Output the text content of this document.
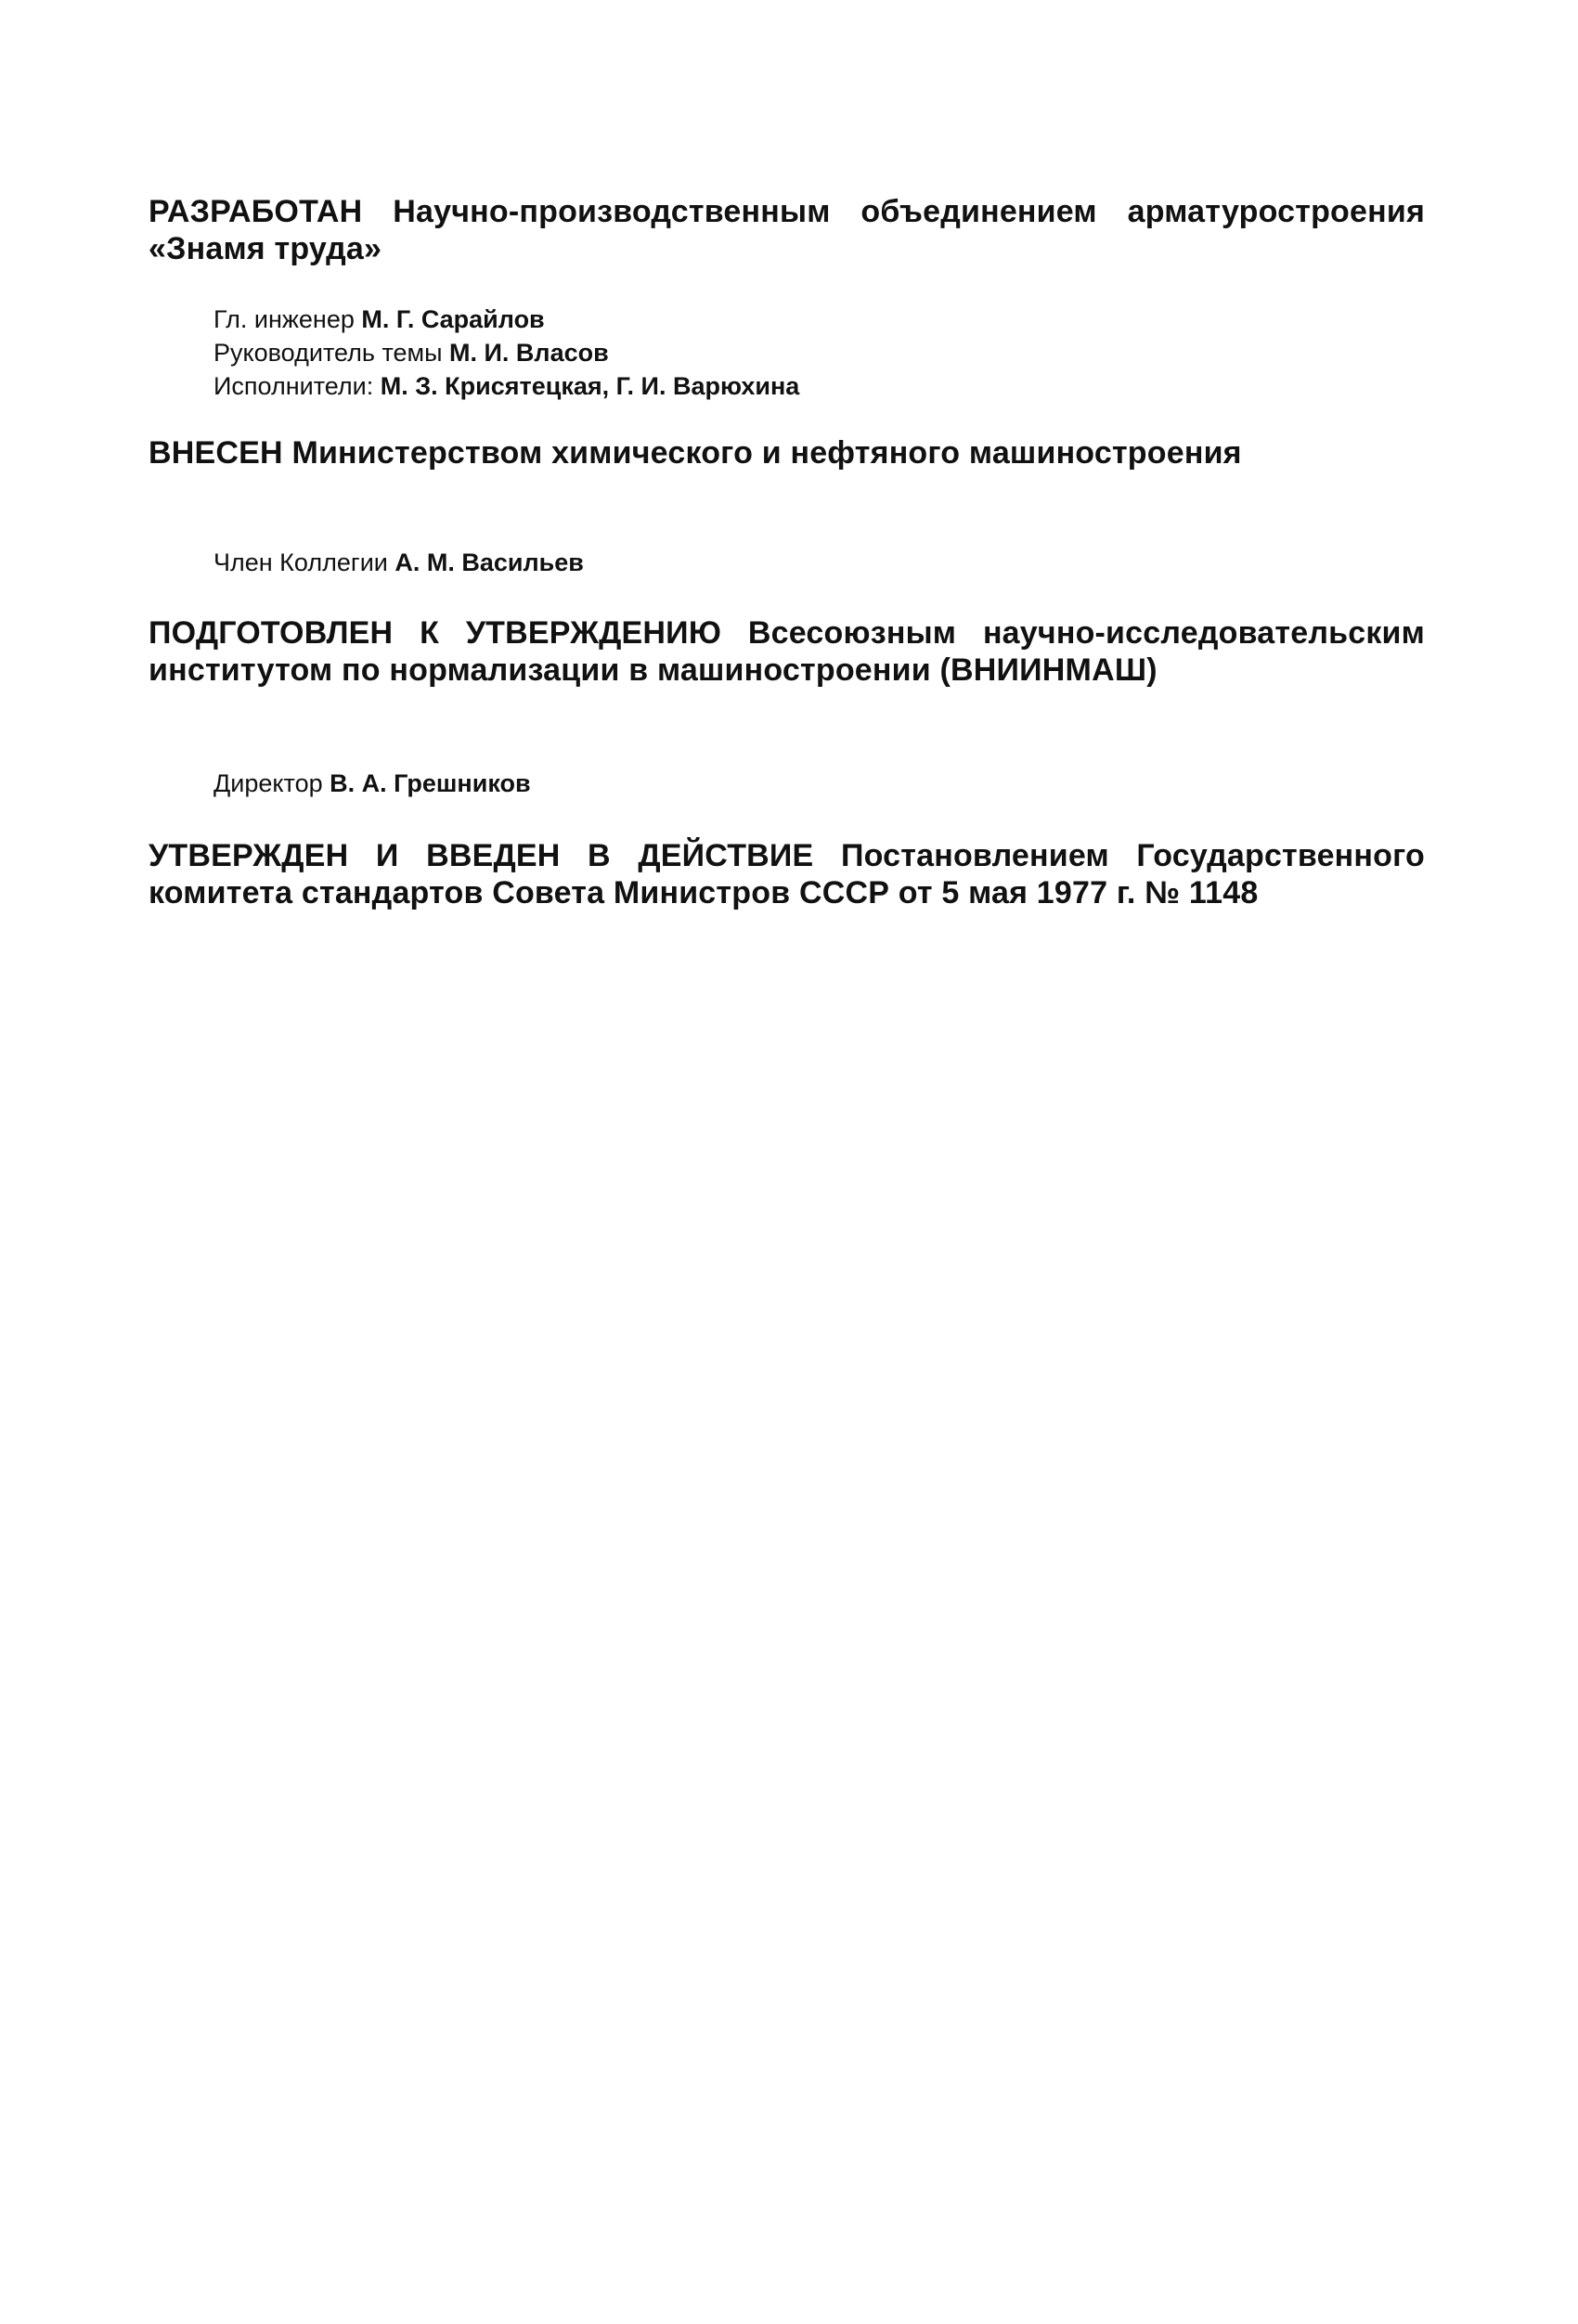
РАЗРАБОТАН Научно-производственным объединением арматуростроения «Знамя труда»

Гл. инженер М. Г. Сарайлов
Руководитель темы М. И. Власов
Исполнители: М. З. Крисятецкая, Г. И. Варюхина

ВНЕСЕН Министерством химического и нефтяного машиностроения

Член Коллегии А. М. Васильев

ПОДГОТОВЛЕН К УТВЕРЖДЕНИЮ Всесоюзным научно-исследовательским институтом по нормализации в машиностроении (ВНИИНМАШ)

Директор В. А. Грешников

УТВЕРЖДЕН И ВВЕДЕН В ДЕЙСТВИЕ Постановлением Государственного комитета стандартов Совета Министров СССР от 5 мая 1977 г. № 1148
